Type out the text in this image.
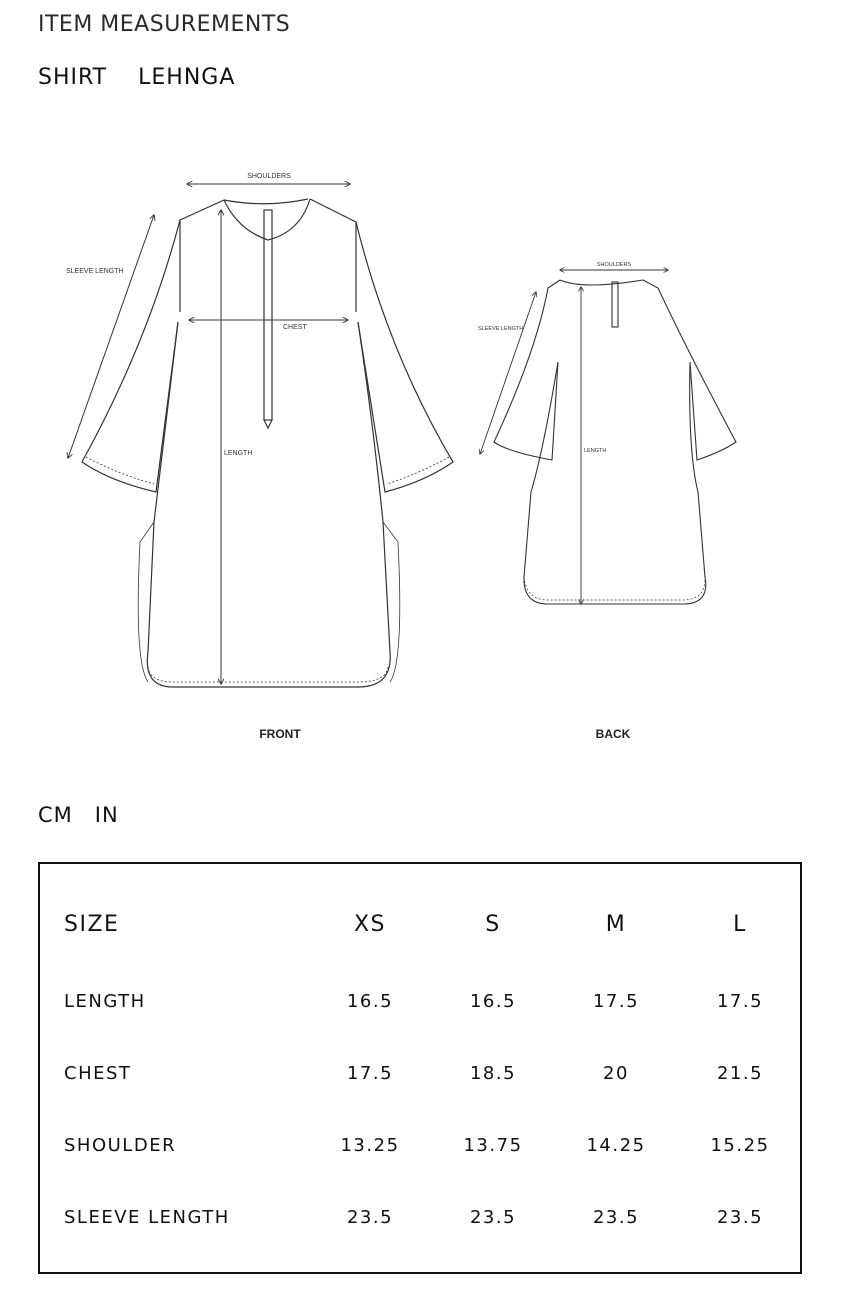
ITEM MEASUREMENTS
SHIRT LEHNGA
SHOULDERS
SLEEVE LENGTH
CHEST
LENGTH
FRONT
SHOULDERS
SLEEVE LENGTH
LENGTH
BACK
CM IN
SIZE	XS	S	M	L
LENGTH	16.5	16.5	17.5	17.5
CHEST	17.5	18.5	20	21.5
SHOULDER	13.25	13.75	14.25	15.25
SLEEVE LENGTH	23.5	23.5	23.5	23.5
